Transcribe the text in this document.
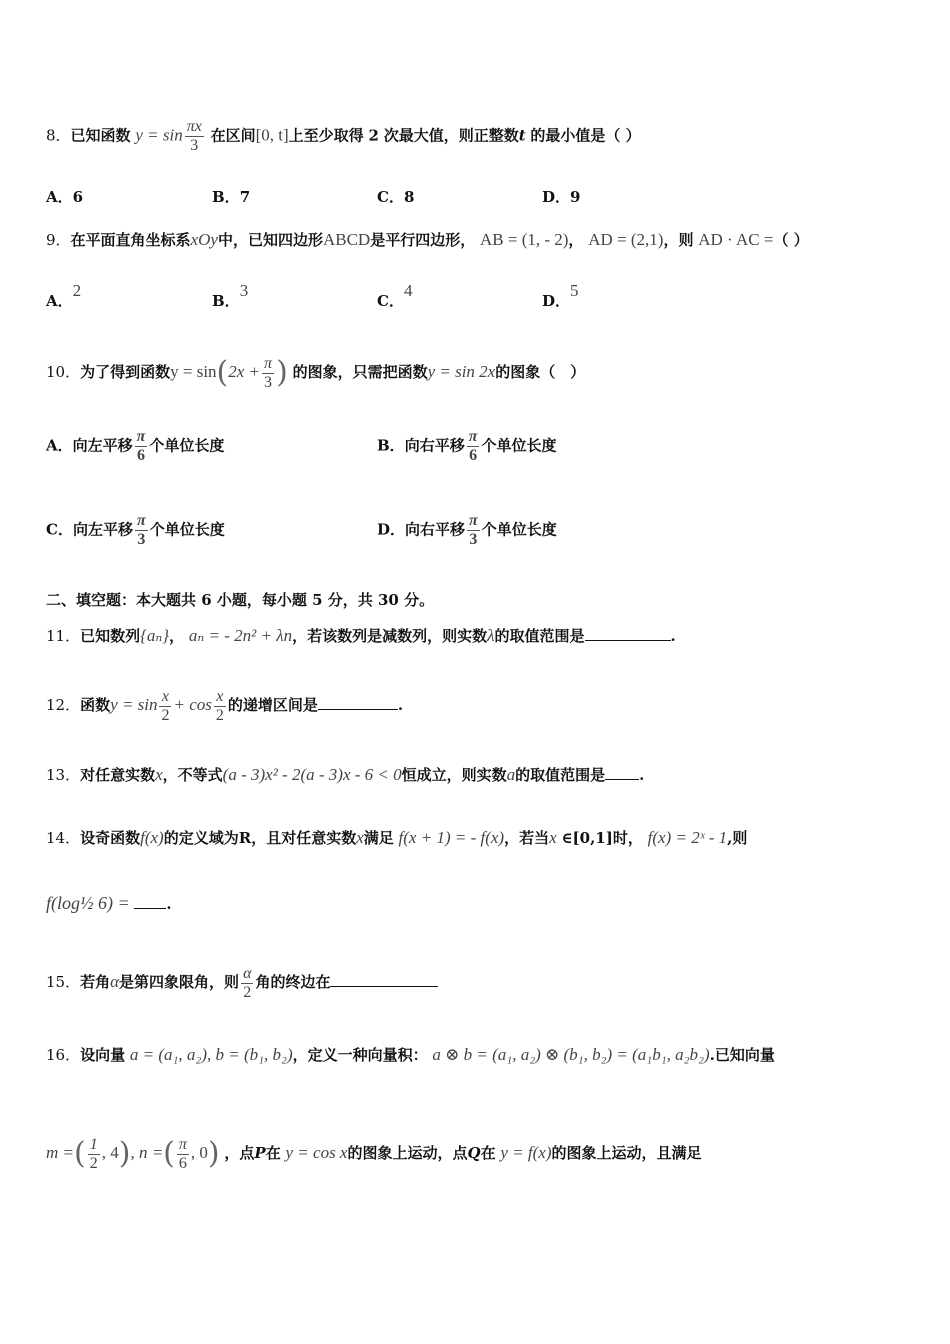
8．已知函数 $y = \sin \frac{\pi x}{3}$ 在区间[0, t]上至少取得 2 次最大值，则正整数t 的最小值是（ ）
A．6	B．7	C．8	D．9
9．在平面直角坐标系xOy中，已知四边形ABCD是平行四边形， AB = (1, - 2)， AD = (2,1)，则 AD · AC =（ ）
A．2
B．3
C．4
D．5
10．为了得到函数$y = \sin(2x + \frac{\pi}{3}$ ) 的图象，只需把函数y = sin 2x的图象（　）
A．向左平移 $\frac{\pi}{6}$ 个单位长度	B．向右平移 $\frac{\pi}{6}$ 个单位长度
C．向左平移 $\frac{\pi}{3}$ 个单位长度	D．向右平移 $\frac{\pi}{3}$ 个单位长度
二、填空题：本大题共 6 小题，每小题 5 分，共 30 分。
11．已知数列{aₙ}， aₙ = - 2n² + λn，若该数列是减数列，则实数λ的取值范围是	.
12．函数$y = \sin \frac{x}{2} + \cos \frac{x}{2}$ 的递增区间是	.
13．对任意实数x，不等式(a - 3)x² - 2(a - 3)x - 6 < 0恒成立，则实数a的取值范围是 .
14．设奇函数f(x)的定义域为R，且对任意实数x满足 f(x + 1) = - f(x)，若当x ∈[0,1]时， f(x) = 2ˣ - 1,则
f(log½ 6) = .
15．若角α是第四象限角，则 $\frac{\alpha}{2}$ 角的终边在
16．设向量 a = (a₁, a₂), b = (b₁, b₂)，定义一种向量积： a ⊗ b = (a₁, a₂) ⊗ (b₁, b₂) = (a₁b₁, a₂b₂).已知向量
m =( $\frac{1}{2}$ , 4), n =( $\frac{\pi}{6}$ , 0) ，点P在 y = cos x的图象上运动，点Q在 y = f(x)的图象上运动，且满足
